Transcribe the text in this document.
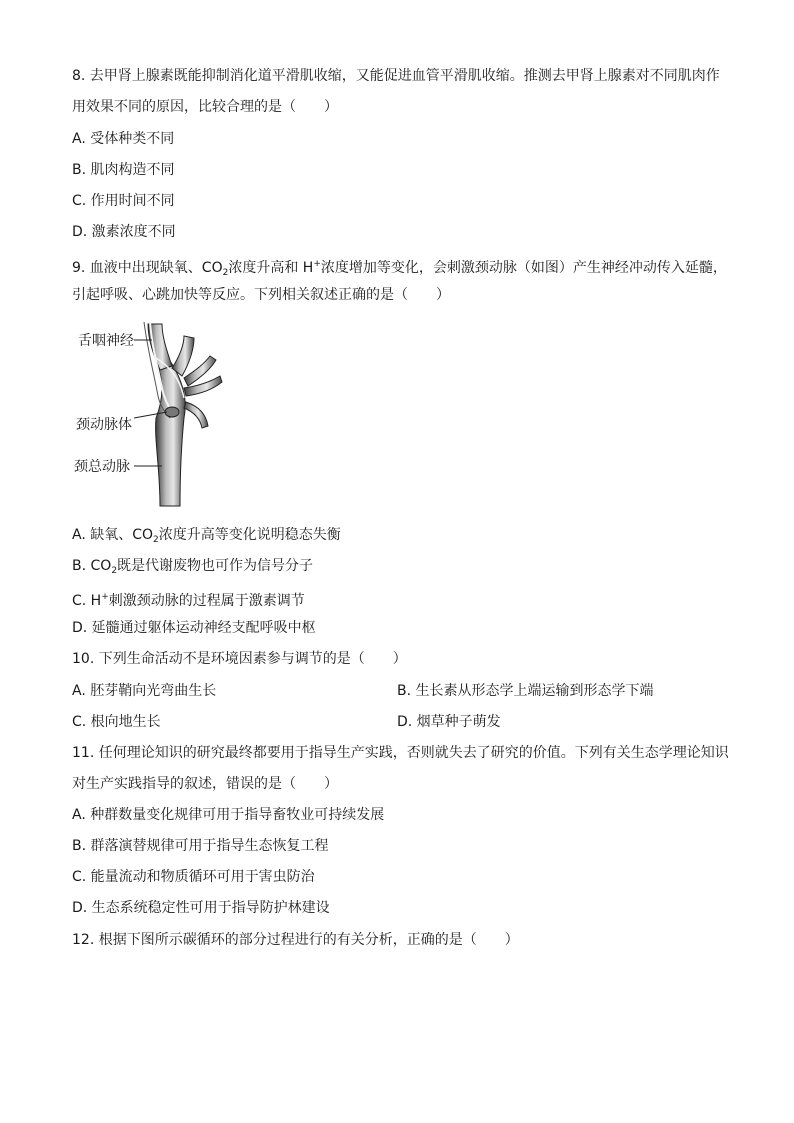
8. 去甲肾上腺素既能抑制消化道平滑肌收缩，又能促进血管平滑肌收缩。推测去甲肾上腺素对不同肌肉作
用效果不同的原因，比较合理的是（　　）
A. 受体种类不同
B. 肌肉构造不同
C. 作用时间不同
D. 激素浓度不同
9. 血液中出现缺氧、$CO_2$浓度升高和 H+浓度增加等变化，会刺激颈动脉（如图）产生神经冲动传入延髓，
引起呼吸、心跳加快等反应。下列相关叙述正确的是（　　）
舌咽神经
颈动脉体
颈总动脉
A. 缺氧、$CO_2$浓度升高等变化说明稳态失衡
B. $CO_2$既是代谢废物也可作为信号分子
C. H+刺激颈动脉的过程属于激素调节
D. 延髓通过躯体运动神经支配呼吸中枢
10. 下列生命活动不是环境因素参与调节的是（　　）
A. 胚芽鞘向光弯曲生长	B. 生长素从形态学上端运输到形态学下端
C. 根向地生长	D. 烟草种子萌发
11. 任何理论知识的研究最终都要用于指导生产实践，否则就失去了研究的价值。下列有关生态学理论知识
对生产实践指导的叙述，错误的是（　　）
A. 种群数量变化规律可用于指导畜牧业可持续发展
B. 群落演替规律可用于指导生态恢复工程
C. 能量流动和物质循环可用于害虫防治
D. 生态系统稳定性可用于指导防护林建设
12. 根据下图所示碳循环的部分过程进行的有关分析，正确的是（　　）
